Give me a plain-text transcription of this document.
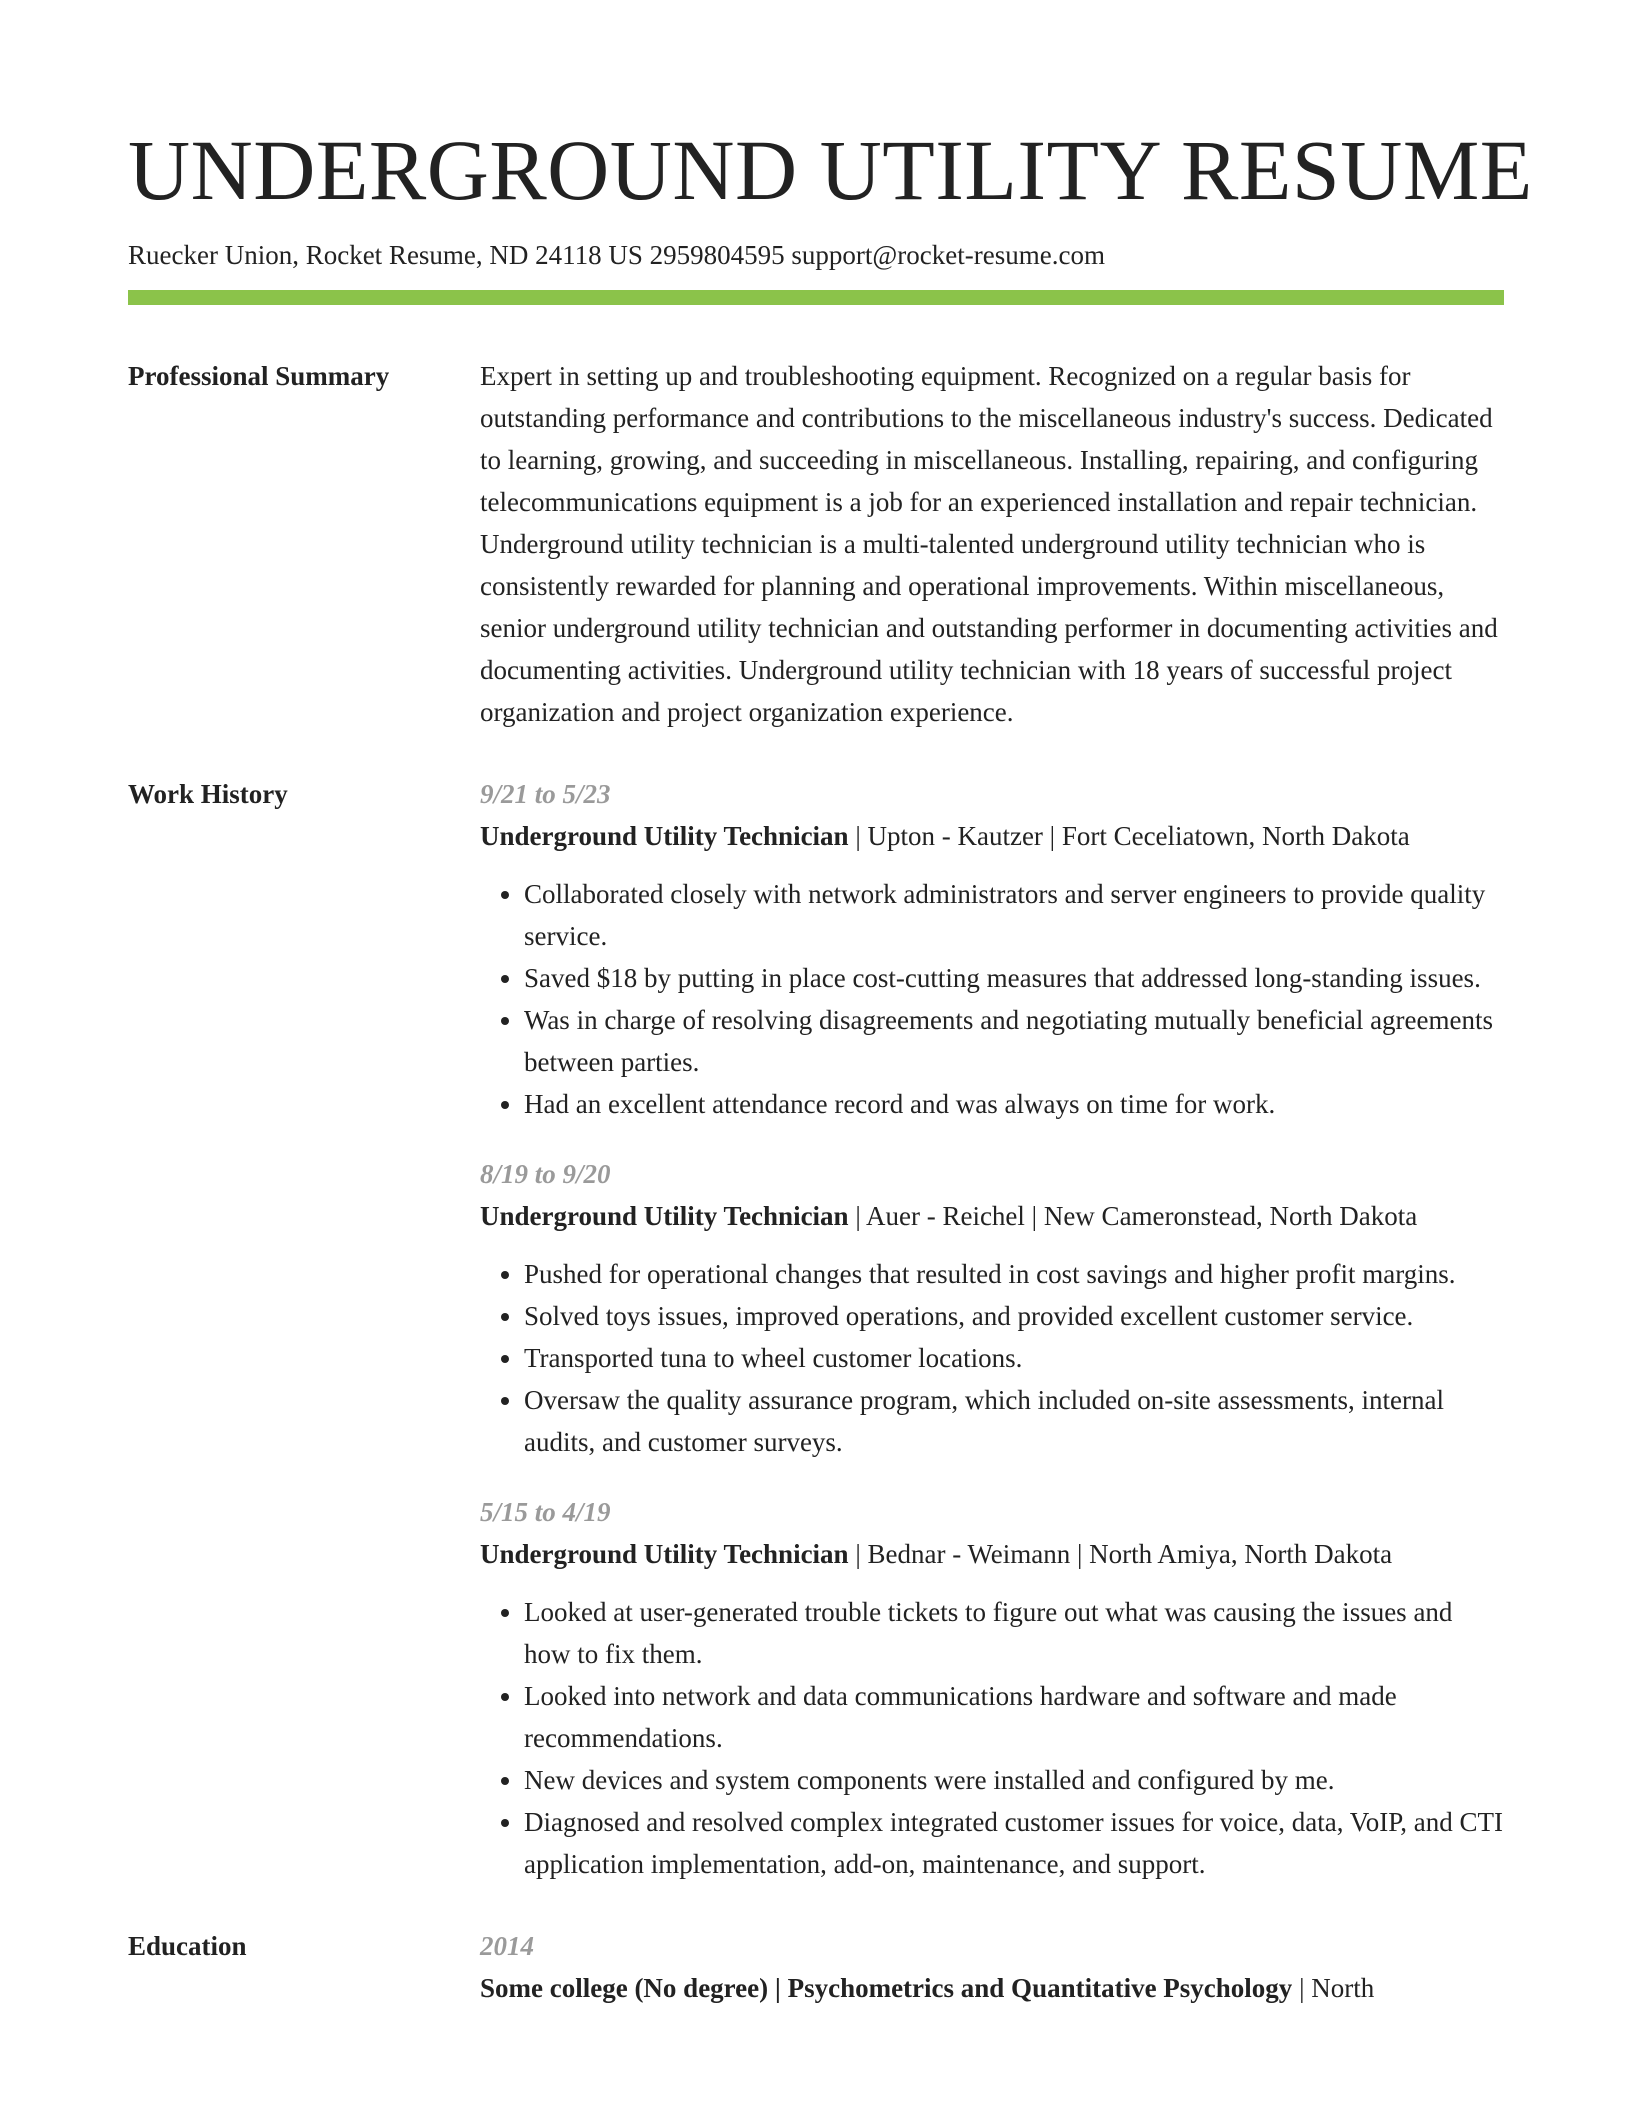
UNDERGROUND UTILITY RESUME
Ruecker Union, Rocket Resume, ND 24118 US 2959804595 support@rocket-resume.com
Professional Summary	Expert in setting up and troubleshooting equipment. Recognized on a regular basis for outstanding performance and contributions to the miscellaneous industry's success. Dedicated to learning, growing, and succeeding in miscellaneous. Installing, repairing, and configuring telecommunications equipment is a job for an experienced installation and repair technician. Underground utility technician is a multi-talented underground utility technician who is consistently rewarded for planning and operational improvements. Within miscellaneous, senior underground utility technician and outstanding performer in documenting activities and documenting activities. Underground utility technician with 18 years of successful project organization and project organization experience.

Work History	9/21 to 5/23
Underground Utility Technician | Upton - Kautzer | Fort Ceceliatown, North Dakota
• Collaborated closely with network administrators and server engineers to provide quality service.
• Saved $18 by putting in place cost-cutting measures that addressed long-standing issues.
• Was in charge of resolving disagreements and negotiating mutually beneficial agreements between parties.
• Had an excellent attendance record and was always on time for work.
8/19 to 9/20
Underground Utility Technician | Auer - Reichel | New Cameronstead, North Dakota
• Pushed for operational changes that resulted in cost savings and higher profit margins.
• Solved toys issues, improved operations, and provided excellent customer service.
• Transported tuna to wheel customer locations.
• Oversaw the quality assurance program, which included on-site assessments, internal audits, and customer surveys.
5/15 to 4/19
Underground Utility Technician | Bednar - Weimann | North Amiya, North Dakota
• Looked at user-generated trouble tickets to figure out what was causing the issues and how to fix them.
• Looked into network and data communications hardware and software and made recommendations.
• New devices and system components were installed and configured by me.
• Diagnosed and resolved complex integrated customer issues for voice, data, VoIP, and CTI application implementation, add-on, maintenance, and support.
Education	2014
Some college (No degree) | Psychometrics and Quantitative Psychology | North
